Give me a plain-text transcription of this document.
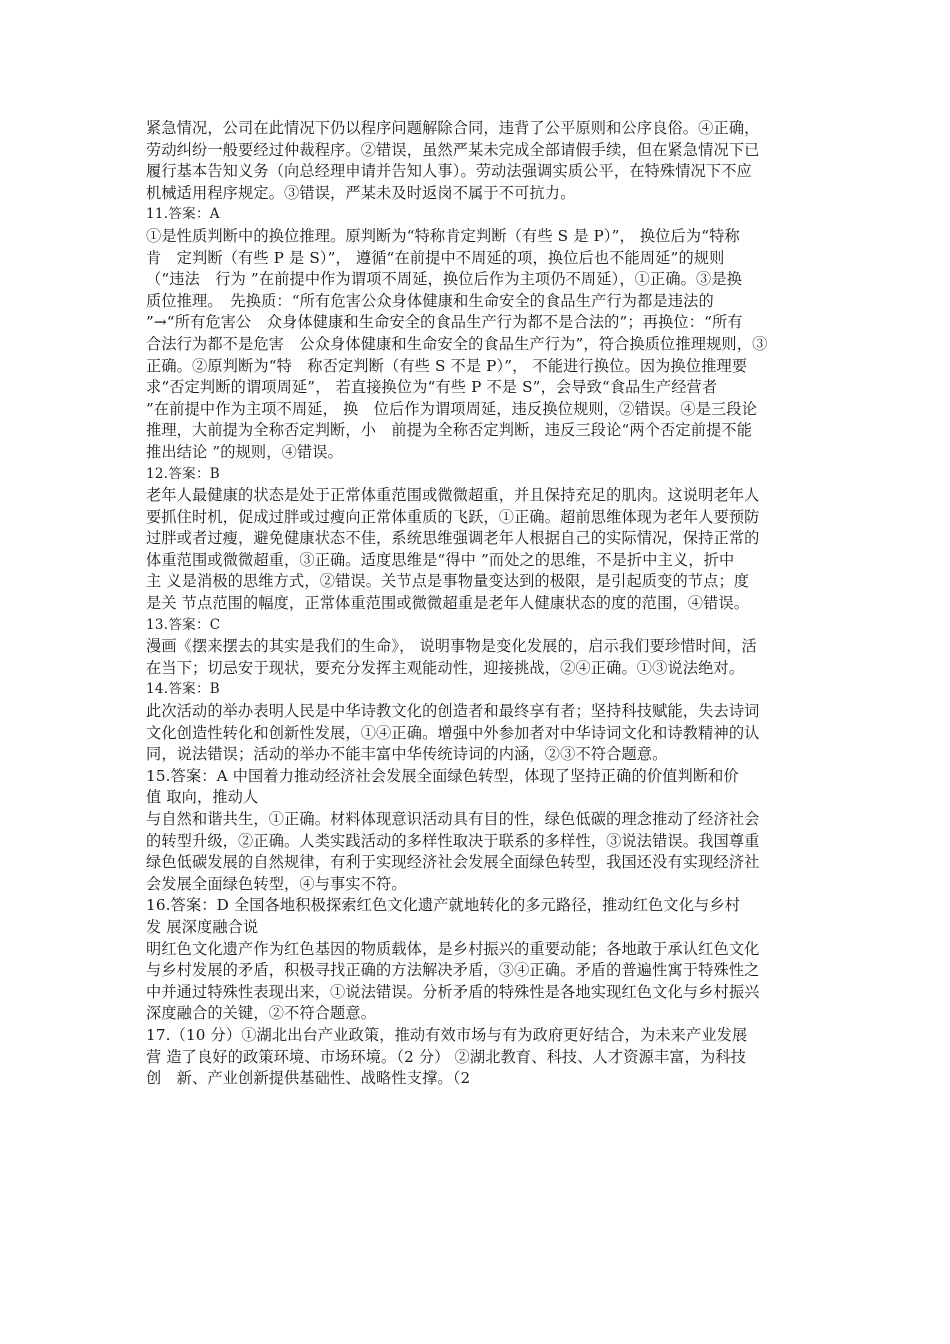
紧急情况，公司在此情况下仍以程序问题解除合同，违背了公平原则和公序良俗。④正确，
劳动纠纷一般要经过仲裁程序。②错误，虽然严某未完成全部请假手续，但在紧急情况下已
履行基本告知义务（向总经理申请并告知人事）。劳动法强调实质公平，在特殊情况下不应
机械适用程序规定。③错误，严某未及时返岗不属于不可抗力。
11.答案：A
①是性质判断中的换位推理。原判断为“特称肯定判断（有些 S 是 P）”， 换位后为“特称
肯　定判断（有些 P 是 S）”， 遵循“在前提中不周延的项，换位后也不能周延”的规则
（“违法　行为 ”在前提中作为谓项不周延，换位后作为主项仍不周延），①正确。③是换
质位推理。　先换质：“所有危害公众身体健康和生命安全的食品生产行为都是违法的
”→“所有危害公　众身体健康和生命安全的食品生产行为都不是合法的”；再换位：“所有
合法行为都不是危害　公众身体健康和生命安全的食品生产行为”，符合换质位推理规则，③
正确。②原判断为“特　称否定判断（有些 S 不是 P）”， 不能进行换位。因为换位推理要
求“否定判断的谓项周延”， 若直接换位为“有些 P 不是 S”，会导致“食品生产经营者
”在前提中作为主项不周延， 换　位后作为谓项周延，违反换位规则，②错误。④是三段论
推理，大前提为全称否定判断，小　前提为全称否定判断，违反三段论“两个否定前提不能
推出结论 ”的规则，④错误。
12.答案：B
老年人最健康的状态是处于正常体重范围或微微超重，并且保持充足的肌肉。这说明老年人
要抓住时机，促成过胖或过瘦向正常体重质的飞跃，①正确。超前思维体现为老年人要预防
过胖或者过瘦，避免健康状态不佳，系统思维强调老年人根据自己的实际情况，保持正常的
体重范围或微微超重，③正确。适度思维是“得中 ”而处之的思维，不是折中主义，折中
主 义是消极的思维方式，②错误。关节点是事物量变达到的极限，是引起质变的节点；度
是关 节点范围的幅度，正常体重范围或微微超重是老年人健康状态的度的范围，④错误。
13.答案：C
漫画《摆来摆去的其实是我们的生命》， 说明事物是变化发展的，启示我们要珍惜时间，活
在当下；切忌安于现状，要充分发挥主观能动性，迎接挑战，②④正确。①③说法绝对。
14.答案：B
此次活动的举办表明人民是中华诗教文化的创造者和最终享有者；坚持科技赋能，失去诗词
文化创造性转化和创新性发展，①④正确。增强中外参加者对中华诗词文化和诗教精神的认
同，说法错误；活动的举办不能丰富中华传统诗词的内涵，②③不符合题意。
15.答案：A 中国着力推动经济社会发展全面绿色转型，体现了坚持正确的价值判断和价
值 取向，推动人
与自然和谐共生，①正确。材料体现意识活动具有目的性，绿色低碳的理念推动了经济社会
的转型升级，②正确。人类实践活动的多样性取决于联系的多样性，③说法错误。我国尊重
绿色低碳发展的自然规律，有利于实现经济社会发展全面绿色转型，我国还没有实现经济社
会发展全面绿色转型，④与事实不符。
16.答案：D 全国各地积极探索红色文化遗产就地转化的多元路径，推动红色文化与乡村
发 展深度融合说
明红色文化遗产作为红色基因的物质载体，是乡村振兴的重要动能；各地敢于承认红色文化
与乡村发展的矛盾，积极寻找正确的方法解决矛盾，③④正确。矛盾的普遍性寓于特殊性之
中并通过特殊性表现出来，①说法错误。分析矛盾的特殊性是各地实现红色文化与乡村振兴
深度融合的关键，②不符合题意。
17.（10 分）①湖北出台产业政策，推动有效市场与有为政府更好结合，为未来产业发展
营 造了良好的政策环境、市场环境。（2 分） ②湖北教育、科技、人才资源丰富，为科技
创　新、产业创新提供基础性、战略性支撑。（2
